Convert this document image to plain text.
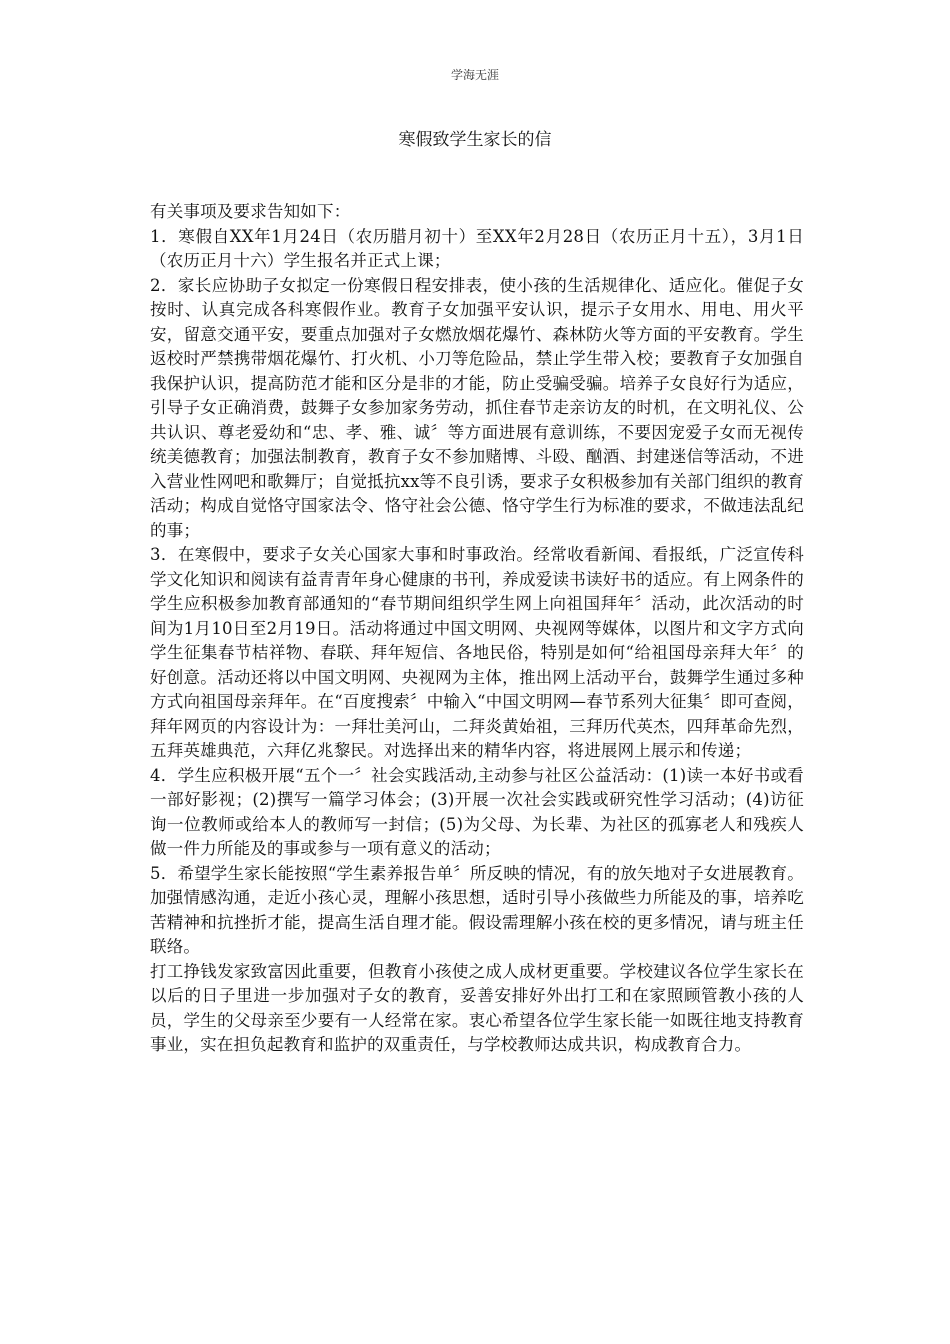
学海无涯
寒假致学生家长的信

有关事项及要求告知如下：

1．寒假自XX年1月24日（农历腊月初十）至XX年2月28日（农历正月十五），3月1日（农历正月十六）学生报名并正式上课；

2．家长应协助子女拟定一份寒假日程安排表，使小孩的生活规律化、适应化。催促子女按时、认真完成各科寒假作业。教育子女加强平安认识，提示子女用水、用电、用火平安，留意交通平安，要重点加强对子女燃放烟花爆竹、森林防火等方面的平安教育。学生返校时严禁携带烟花爆竹、打火机、小刀等危险品，禁止学生带入校；要教育子女加强自我保护认识，提高防范才能和区分是非的才能，防止受骗受骗。培养子女良好行为适应，引导子女正确消费，鼓舞子女参加家务劳动，抓住春节走亲访友的时机，在文明礼仪、公共认识、尊老爱幼和“忠、孝、雅、诚〞等方面进展有意训练，不要因宠爱子女而无视传统美德教育；加强法制教育，教育子女不参加赌博、斗殴、酗酒、封建迷信等活动，不进入营业性网吧和歌舞厅；自觉抵抗xx等不良引诱，要求子女积极参加有关部门组织的教育活动；构成自觉恪守国家法令、恪守社会公德、恪守学生行为标准的要求，不做违法乱纪的事；

3．在寒假中，要求子女关心国家大事和时事政治。经常收看新闻、看报纸，广泛宣传科学文化知识和阅读有益青青年身心健康的书刊，养成爱读书读好书的适应。有上网条件的学生应积极参加教育部通知的“春节期间组织学生网上向祖国拜年〞活动，此次活动的时间为1月10日至2月19日。活动将通过中国文明网、央视网等媒体，以图片和文字方式向学生征集春节桔祥物、春联、拜年短信、各地民俗，特别是如何“给祖国母亲拜大年〞的好创意。活动还将以中国文明网、央视网为主体，推出网上活动平台，鼓舞学生通过多种方式向祖国母亲拜年。在“百度搜索〞中输入“中国文明网—春节系列大征集〞即可查阅，拜年网页的内容设计为：一拜壮美河山，二拜炎黄始祖，三拜历代英杰，四拜革命先烈，五拜英雄典范，六拜亿兆黎民。对选择出来的精华内容，将进展网上展示和传递；

4．学生应积极开展“五个一〞社会实践活动,主动参与社区公益活动：(1)读一本好书或看一部好影视；(2)撰写一篇学习体会；(3)开展一次社会实践或研究性学习活动；(4)访征询一位教师或给本人的教师写一封信；(5)为父母、为长辈、为社区的孤寡老人和残疾人做一件力所能及的事或参与一项有意义的活动；

5．希望学生家长能按照“学生素养报告单〞所反映的情况，有的放矢地对子女进展教育。加强情感沟通，走近小孩心灵，理解小孩思想，适时引导小孩做些力所能及的事，培养吃苦精神和抗挫折才能，提高生活自理才能。假设需理解小孩在校的更多情况，请与班主任联络。

打工挣钱发家致富因此重要，但教育小孩使之成人成材更重要。学校建议各位学生家长在以后的日子里进一步加强对子女的教育，妥善安排好外出打工和在家照顾管教小孩的人员，学生的父母亲至少要有一人经常在家。衷心希望各位学生家长能一如既往地支持教育事业，实在担负起教育和监护的双重责任，与学校教师达成共识，构成教育合力。
